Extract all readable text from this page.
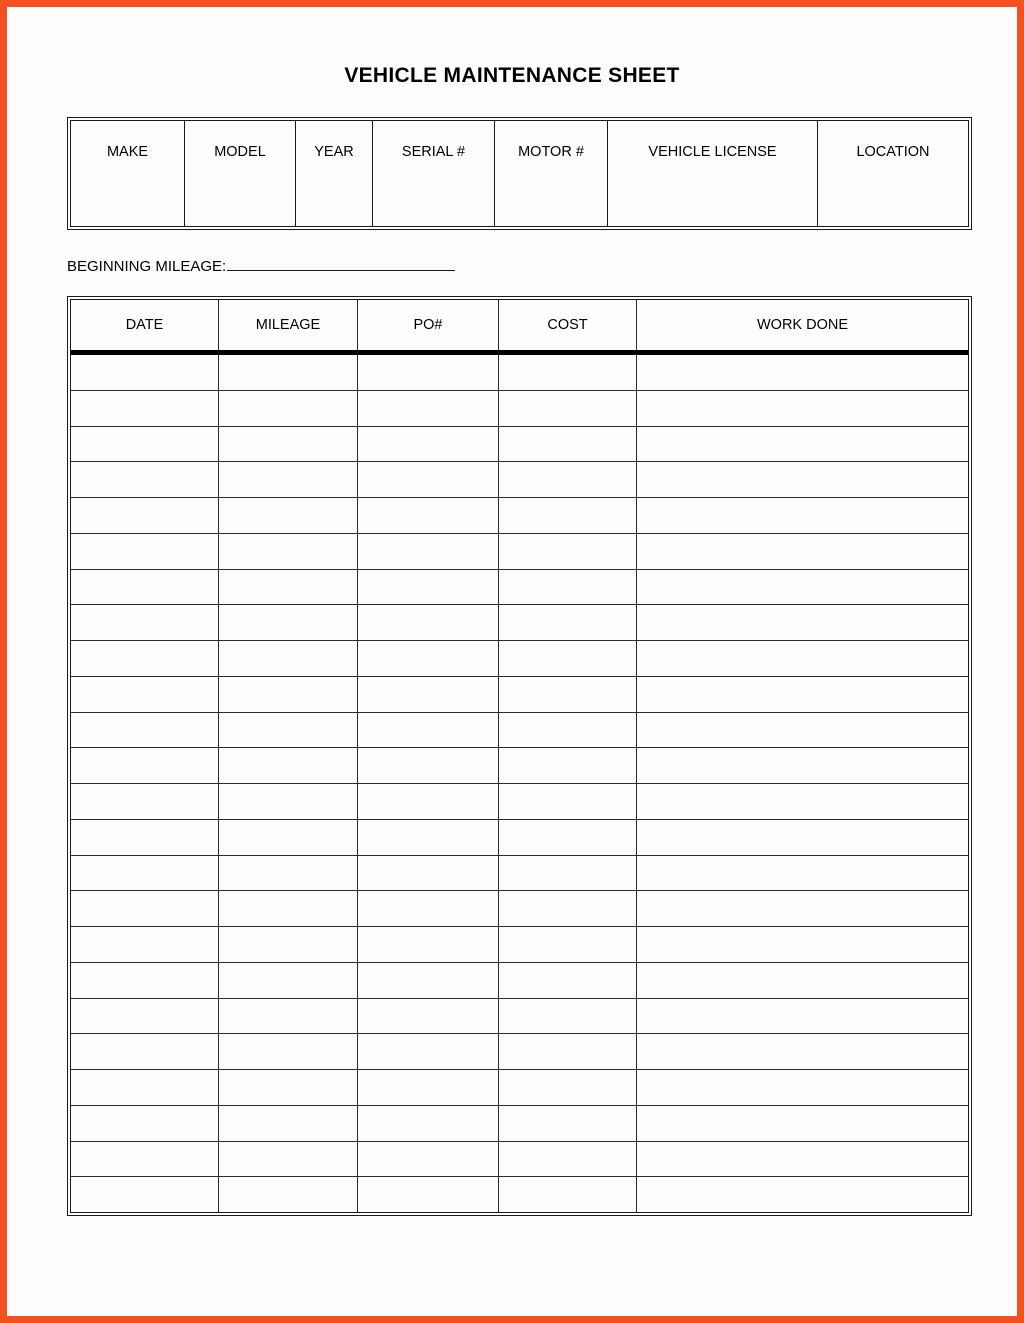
VEHICLE MAINTENANCE SHEET
MAKE	MODEL	YEAR	SERIAL #	MOTOR #	VEHICLE LICENSE	LOCATION
BEGINNING MILEAGE:
DATE	MILEAGE	PO#	COST	WORK DONE
